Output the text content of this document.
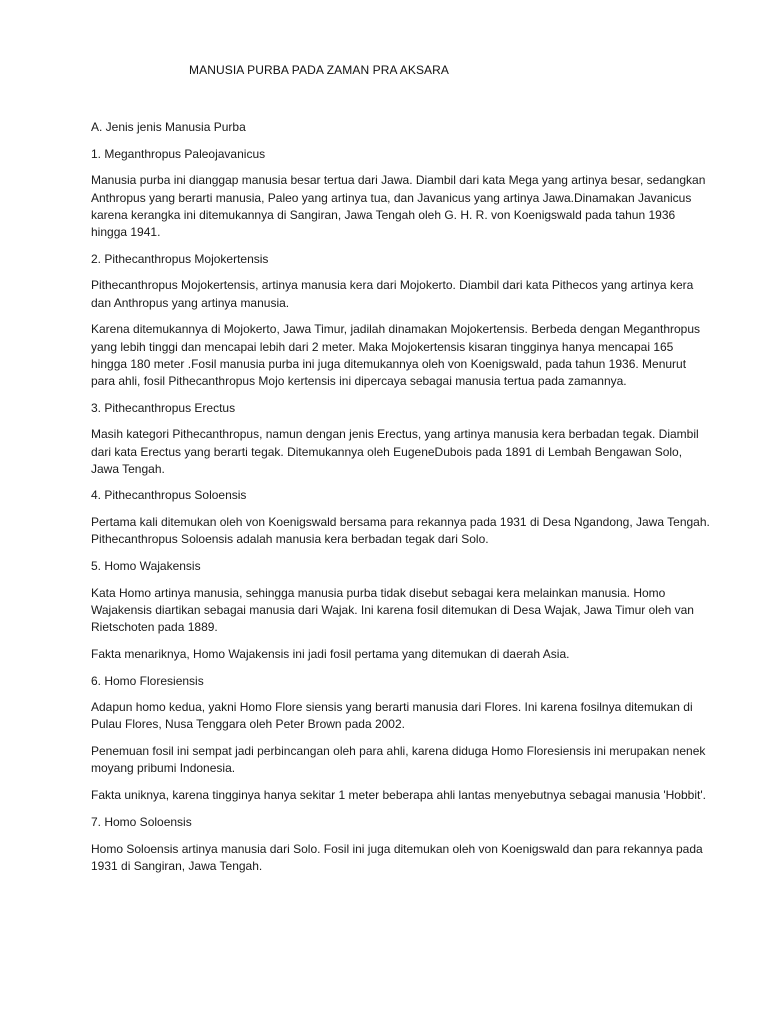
MANUSIA PURBA PADA ZAMAN PRA AKSARA

A. Jenis jenis Manusia Purba

1. Meganthropus Paleojavanicus

Manusia purba ini dianggap manusia besar tertua dari Jawa. Diambil dari kata Mega yang artinya besar, sedangkan Anthropus yang berarti manusia, Paleo yang artinya tua, dan Javanicus yang artinya Jawa.Dinamakan Javanicus karena kerangka ini ditemukannya di Sangiran, Jawa Tengah oleh G. H. R. von Koenigswald pada tahun 1936 hingga 1941.

2. Pithecanthropus Mojokertensis

Pithecanthropus Mojokertensis, artinya manusia kera dari Mojokerto. Diambil dari kata Pithecos yang artinya kera dan Anthropus yang artinya manusia.

Karena ditemukannya di Mojokerto, Jawa Timur, jadilah dinamakan Mojokertensis. Berbeda dengan Meganthropus yang lebih tinggi dan mencapai lebih dari 2 meter. Maka Mojokertensis kisaran tingginya hanya mencapai 165 hingga 180 meter .Fosil manusia purba ini juga ditemukannya oleh von Koenigswald, pada tahun 1936. Menurut para ahli, fosil Pithecanthropus Mojo kertensis ini dipercaya sebagai manusia tertua pada zamannya.

3. Pithecanthropus Erectus

Masih kategori Pithecanthropus, namun dengan jenis Erectus, yang artinya manusia kera berbadan tegak. Diambil dari kata Erectus yang berarti tegak. Ditemukannya oleh EugeneDubois pada 1891 di Lembah Bengawan Solo, Jawa Tengah.

4. Pithecanthropus Soloensis

Pertama kali ditemukan oleh von Koenigswald bersama para rekannya pada 1931 di Desa Ngandong, Jawa Tengah. Pithecanthropus Soloensis adalah manusia kera berbadan tegak dari Solo.

5. Homo Wajakensis

Kata Homo artinya manusia, sehingga manusia purba tidak disebut sebagai kera melainkan manusia. Homo Wajakensis diartikan sebagai manusia dari Wajak. Ini karena fosil ditemukan di Desa Wajak, Jawa Timur oleh van Rietschoten pada 1889.

Fakta menariknya, Homo Wajakensis ini jadi fosil pertama yang ditemukan di daerah Asia.

6. Homo Floresiensis

Adapun homo kedua, yakni Homo Flore siensis yang berarti manusia dari Flores. Ini karena fosilnya ditemukan di Pulau Flores, Nusa Tenggara oleh Peter Brown pada 2002.

Penemuan fosil ini sempat jadi perbincangan oleh para ahli, karena diduga Homo Floresiensis ini merupakan nenek moyang pribumi Indonesia.

Fakta uniknya, karena tingginya hanya sekitar 1 meter beberapa ahli lantas menyebutnya sebagai manusia 'Hobbit'.

7. Homo Soloensis

Homo Soloensis artinya manusia dari Solo. Fosil ini juga ditemukan oleh von Koenigswald dan para rekannya pada 1931 di Sangiran, Jawa Tengah.
